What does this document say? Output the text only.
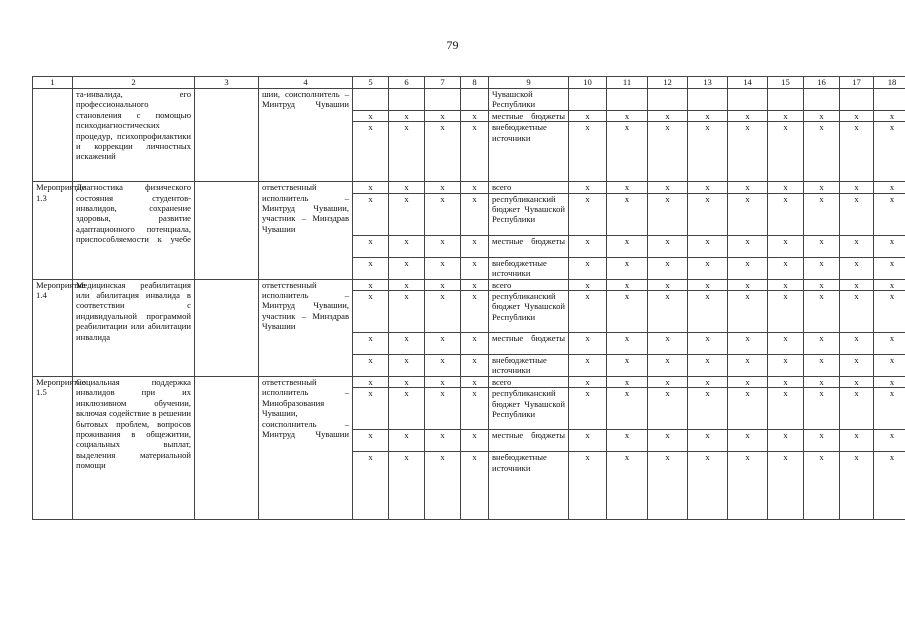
79
1	2	3	4	5	6	7	8	9	10	11	12	13	14	15	16	17	18
	та-инвалида, его профессионального становления с помощью психодиагностических процедур, психопрофилактики и коррекции личностных искажений		шии, соисполнитель – Минтруд Чувашии					Чувашской Республики									
				x	x	x	x	местные бюджеты	x	x	x	x	x	x	x	x	x
				x	x	x	x	внебюджетные источники	x	x	x	x	x	x	x	x	x
Мероприятие 1.3	Диагностика физического состояния студентов-инвалидов, сохранение здоровья, развитие адаптационного потенциала, приспособляемости к учебе		ответственный исполнитель – Минтруд Чувашии, участник – Минздрав Чувашии	x	x	x	x	всего	x	x	x	x	x	x	x	x	x
				x	x	x	x	республиканский бюджет Чувашской Республики	x	x	x	x	x	x	x	x	x
				x	x	x	x	местные бюджеты	x	x	x	x	x	x	x	x	x
				x	x	x	x	внебюджетные источники	x	x	x	x	x	x	x	x	x
Мероприятие 1.4	Медицинская реабилитация или абилитация инвалида в соответствии с индивидуальной программой реабилитации или абилитации инвалида		ответственный исполнитель – Минтруд Чувашии, участник – Минздрав Чувашии	x	x	x	x	всего	x	x	x	x	x	x	x	x	x
				x	x	x	x	республиканский бюджет Чувашской Республики	x	x	x	x	x	x	x	x	x
				x	x	x	x	местные бюджеты	x	x	x	x	x	x	x	x	x
				x	x	x	x	внебюджетные источники	x	x	x	x	x	x	x	x	x
Мероприятие 1.5	Социальная поддержка инвалидов при их инклюзивном обучении, включая содействие в решении бытовых проблем, вопросов проживания в общежитии, социальных выплат, выделения материальной помощи		ответственный исполнитель – Минобразования Чувашии, соисполнитель – Минтруд Чувашии	x	x	x	x	всего	x	x	x	x	x	x	x	x	x
				x	x	x	x	республиканский бюджет Чувашской Республики	x	x	x	x	x	x	x	x	x
				x	x	x	x	местные бюджеты	x	x	x	x	x	x	x	x	x
				x	x	x	x	внебюджетные источники	x	x	x	x	x	x	x	x	x
